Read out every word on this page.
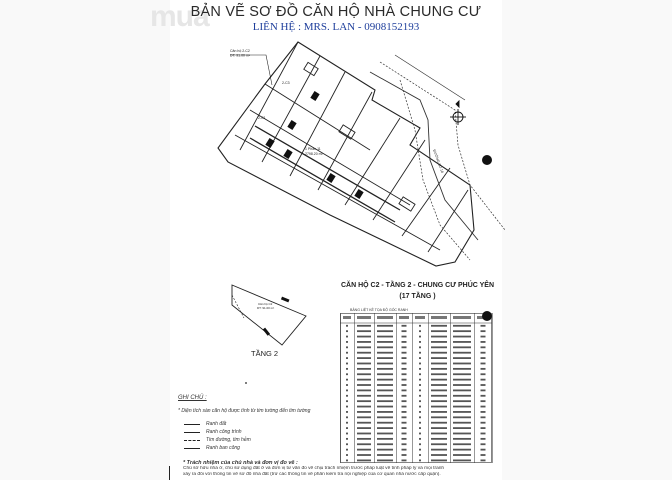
mua
BẢN VẼ SƠ ĐỒ CĂN HỘ NHÀ CHUNG CƯ
LIÊN HỆ : MRS. LAN - 0908152193
Căn hộ 2-C2
DT: 91.00 m²
2-C3
2-C1
1 Phần 11
2798.20 m²	ĐƯỜNG SỐ 18
Căn hộ C2
DT: 91.00 m²
CĂN HỘ C2 - TẦNG 2 - CHUNG CƯ PHÚC YÊN
(17 TẦNG )
TẦNG 2
BẢNG LIỆT KÊ TỌA ĐỘ GÓC RANH
GHI CHÚ :
* Diện tích sàn căn hộ được tính từ tim tường đến tim tường
Ranh đất
Ranh công trình
Tim đường, tim hẻm
Ranh ban công
* Trách nhiệm của chủ nhà và đơn vị đo vẽ :
Chủ sở hữu nhà ở, chủ sử dụng đất ở và đơn vị tư vấn đo vẽ chịu trách nhiệm trước pháp luật về tính pháp lý và mọi tranh
xảy ra đối với thông tin về sơ đồ nhà đất (trừ các thông tin về phần kiểm tra nội nghiệp của cơ quan nhà nước cấp quận).
